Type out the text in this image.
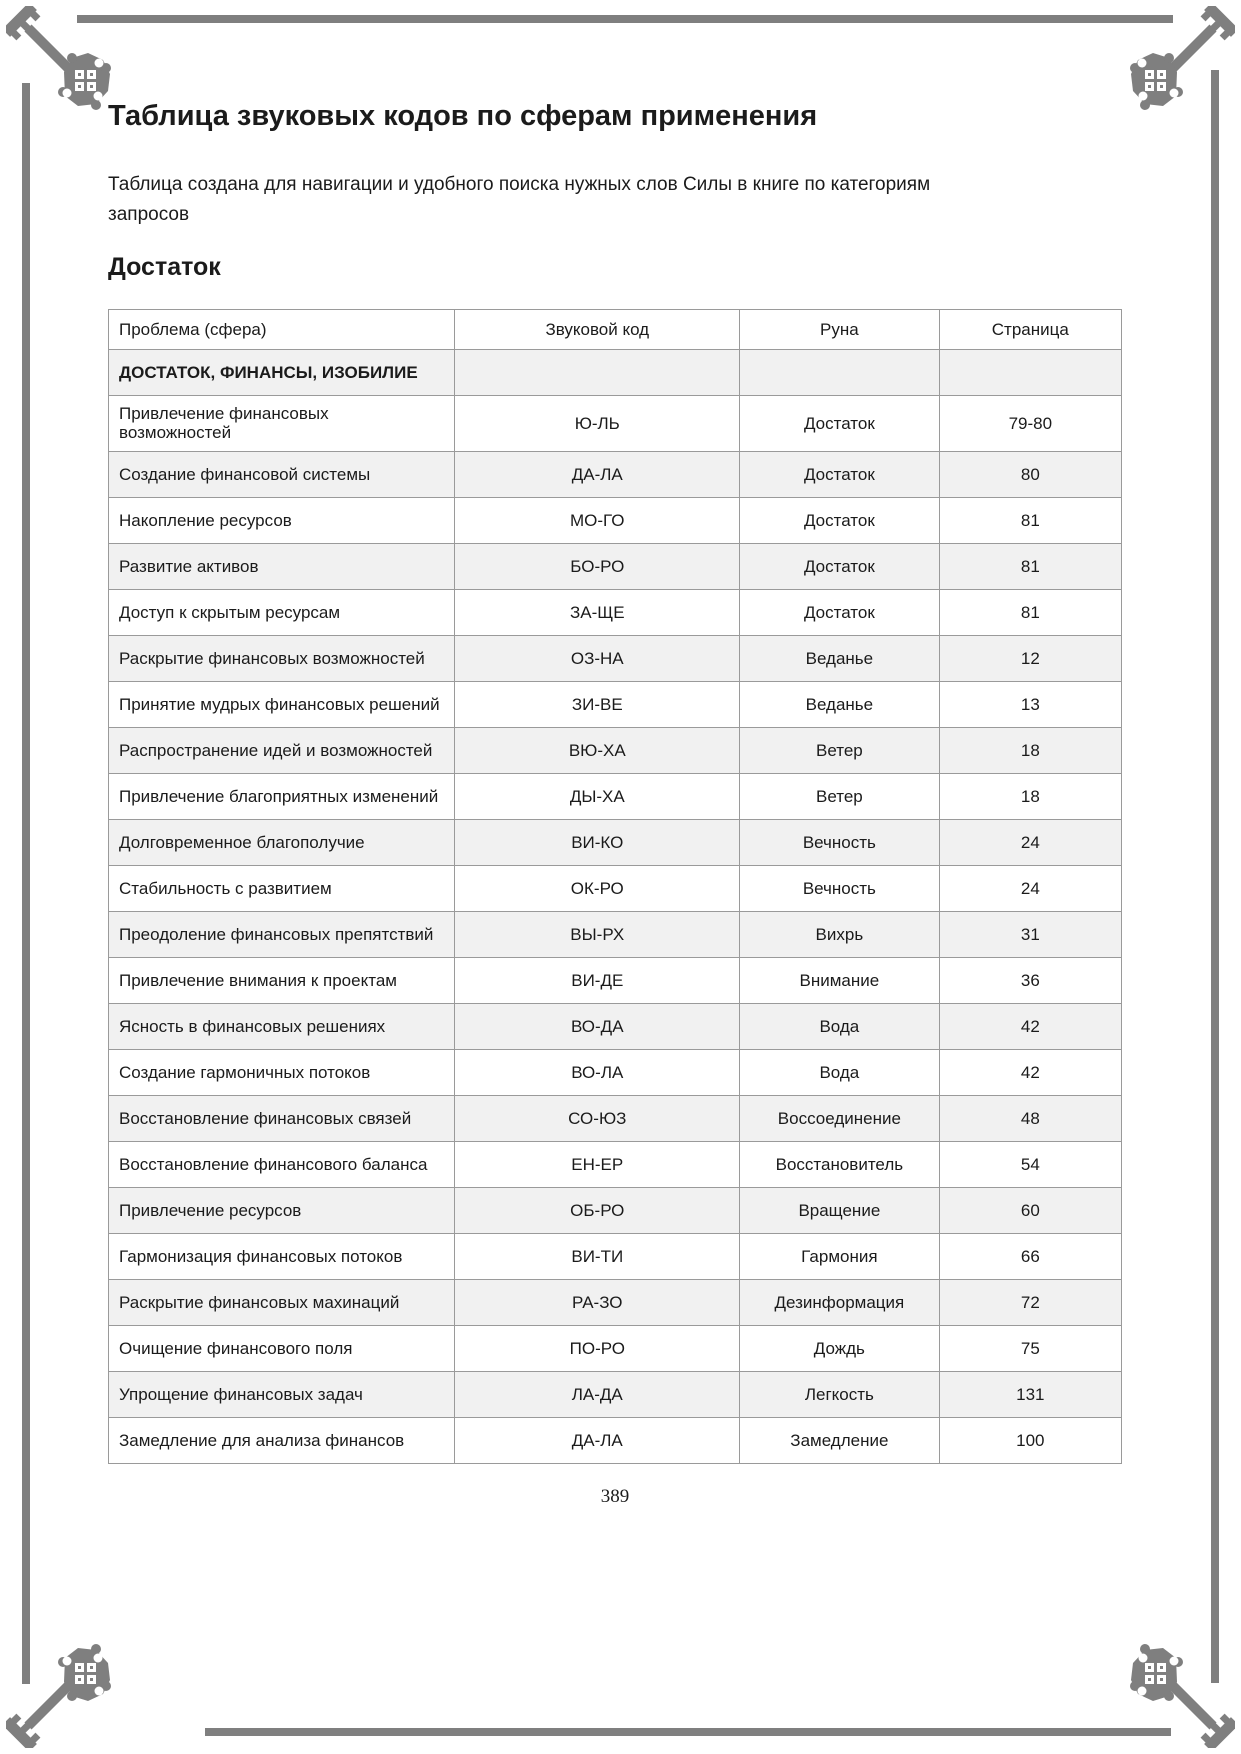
Таблица звуковых кодов по сферам применения

Таблица создана для навигации и удобного поиска нужных слов Силы в книге по категориям запросов

Достаток
Проблема (сфера)	Звуковой код	Руна	Страница
ДОСТАТОК, ФИНАНСЫ, ИЗОБИЛИЕ			
Привлечение финансовых возможностей	Ю-ЛЬ	Достаток	79-80
Создание финансовой системы	ДА-ЛА	Достаток	80
Накопление ресурсов	МО-ГО	Достаток	81
Развитие активов	БО-РО	Достаток	81
Доступ к скрытым ресурсам	ЗА-ЩЕ	Достаток	81
Раскрытие финансовых возможностей	ОЗ-НА	Веданье	12
Принятие мудрых финансовых решений	ЗИ-ВЕ	Веданье	13
Распространение идей и возможностей	ВЮ-ХА	Ветер	18
Привлечение благоприятных изменений	ДЫ-ХА	Ветер	18
Долговременное благополучие	ВИ-КО	Вечность	24
Стабильность с развитием	ОК-РО	Вечность	24
Преодоление финансовых препятствий	ВЫ-РХ	Вихрь	31
Привлечение внимания к проектам	ВИ-ДЕ	Внимание	36
Ясность в финансовых решениях	ВО-ДА	Вода	42
Создание гармоничных потоков	ВО-ЛА	Вода	42
Восстановление финансовых связей	СО-ЮЗ	Воссоединение	48
Восстановление финансового баланса	ЕН-ЕР	Восстановитель	54
Привлечение ресурсов	ОБ-РО	Вращение	60
Гармонизация финансовых потоков	ВИ-ТИ	Гармония	66
Раскрытие финансовых махинаций	РА-ЗО	Дезинформация	72
Очищение финансового поля	ПО-РО	Дождь	75
Упрощение финансовых задач	ЛА-ДА	Легкость	131
Замедление для анализа финансов	ДА-ЛА	Замедление	100
389
